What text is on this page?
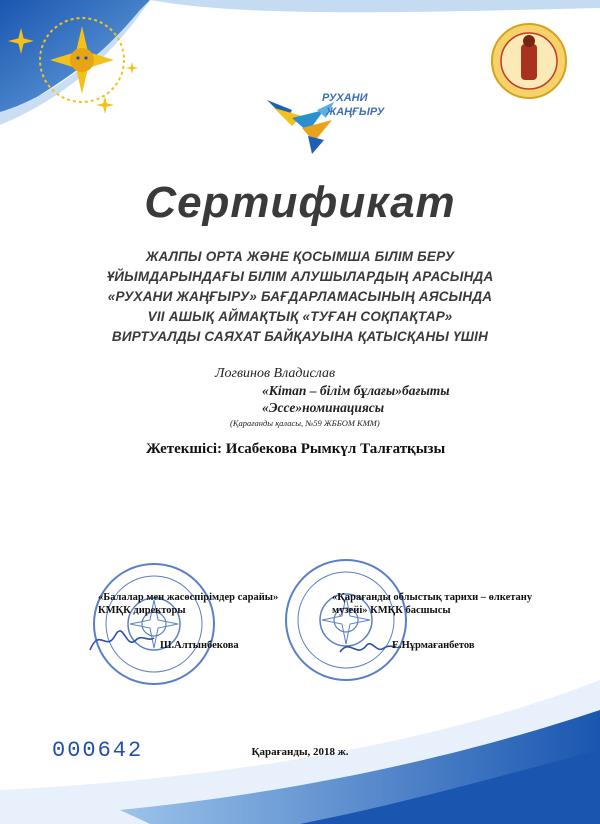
РУХАНИ
ЖАҢҒЫРУ
Сертификат
ЖАЛПЫ ОРТА ЖӘНЕ ҚОСЫМША БІЛІМ БЕРУ
ҰЙЫМДАРЫНДАҒЫ БІЛІМ АЛУШЫЛАРДЫҢ АРАСЫНДА
«РУХАНИ ЖАҢҒЫРУ» БАҒДАРЛАМАСЫНЫҢ АЯСЫНДА
VII АШЫҚ АЙМАҚТЫҚ «ТУҒАН СОҚПАҚТАР»
ВИРТУАЛДЫ САЯХАТ БАЙҚАУЫНА ҚАТЫСҚАНЫ ҮШІН
Логвинов Владислав
«Кітап – білім бұлағы»бағыты
«Эссе»номинациясы
(Қарағанды қаласы, №59 ЖББОМ КММ)
Жетекшісі: Исабекова Рымкүл Талғатқызы
«Балалар мен жасөспірімдер сарайы»
КМҚК директоры
Ш.Алтынбекова
«Қарағанды облыстық тарихи – өлкетану
музейі» КМҚК басшысы
Е.Нұрмағанбетов
000642	Қарағанды, 2018 ж.
